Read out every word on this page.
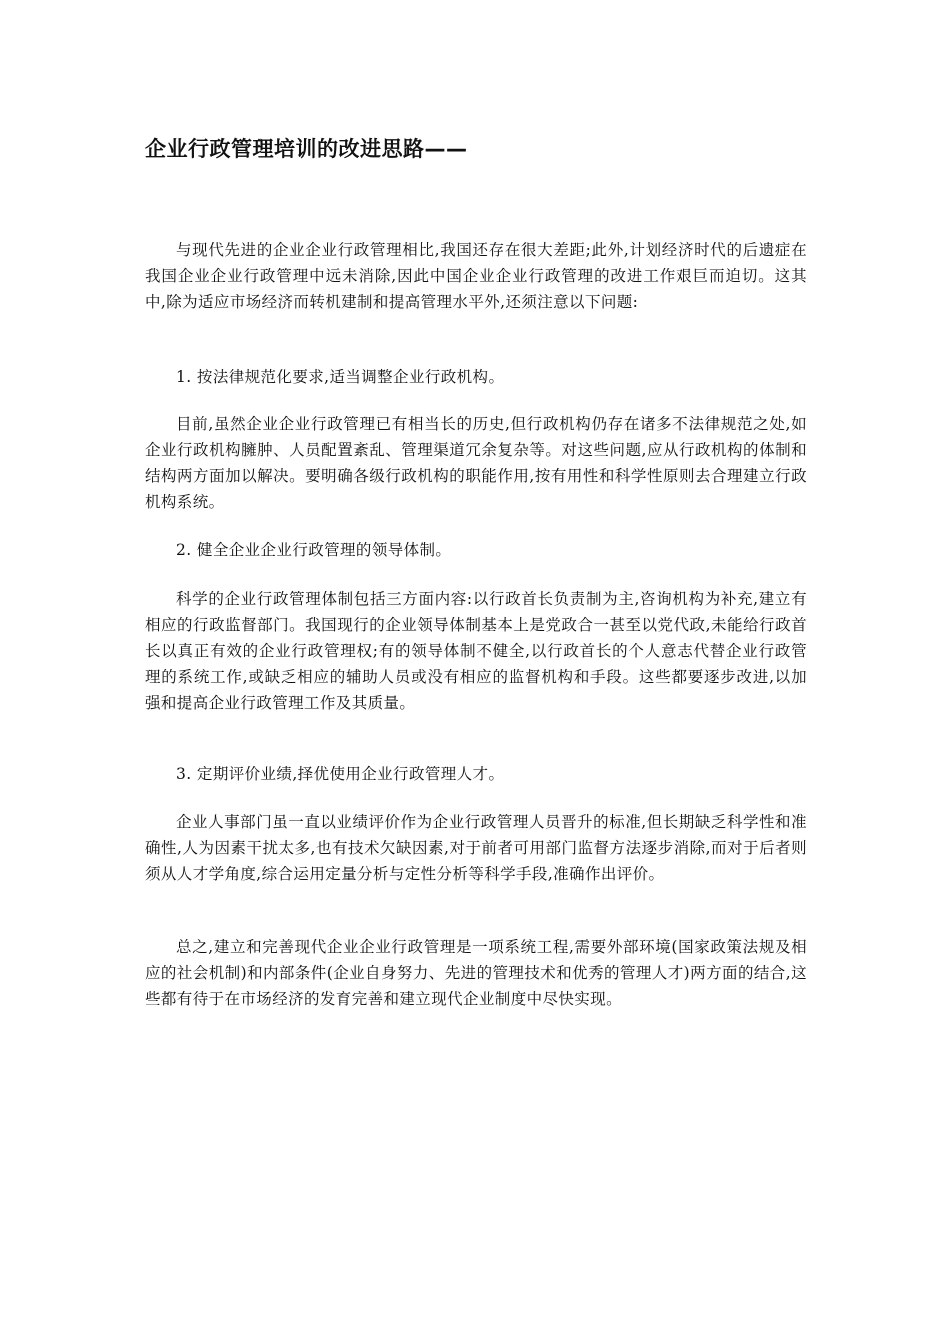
企业行政管理培训的改进思路——

与现代先进的企业企业行政管理相比,我国还存在很大差距;此外,计划经济时代的后遗症在我国企业企业行政管理中远未消除,因此中国企业企业行政管理的改进工作艰巨而迫切。这其中,除为适应市场经济而转机建制和提高管理水平外,还须注意以下问题:

1. 按法律规范化要求,适当调整企业行政机构。

目前,虽然企业企业行政管理已有相当长的历史,但行政机构仍存在诸多不法律规范之处,如企业行政机构臃肿、人员配置紊乱、管理渠道冗余复杂等。对这些问题,应从行政机构的体制和结构两方面加以解决。要明确各级行政机构的职能作用,按有用性和科学性原则去合理建立行政机构系统。

2. 健全企业企业行政管理的领导体制。

科学的企业行政管理体制包括三方面内容:以行政首长负责制为主,咨询机构为补充,建立有相应的行政监督部门。我国现行的企业领导体制基本上是党政合一甚至以党代政,未能给行政首长以真正有效的企业行政管理权;有的领导体制不健全,以行政首长的个人意志代替企业行政管理的系统工作,或缺乏相应的辅助人员或没有相应的监督机构和手段。这些都要逐步改进,以加强和提高企业行政管理工作及其质量。

3. 定期评价业绩,择优使用企业行政管理人才。

企业人事部门虽一直以业绩评价作为企业行政管理人员晋升的标准,但长期缺乏科学性和准确性,人为因素干扰太多,也有技术欠缺因素,对于前者可用部门监督方法逐步消除,而对于后者则须从人才学角度,综合运用定量分析与定性分析等科学手段,准确作出评价。

总之,建立和完善现代企业企业行政管理是一项系统工程,需要外部环境(国家政策法规及相应的社会机制)和内部条件(企业自身努力、先进的管理技术和优秀的管理人才)两方面的结合,这些都有待于在市场经济的发育完善和建立现代企业制度中尽快实现。
